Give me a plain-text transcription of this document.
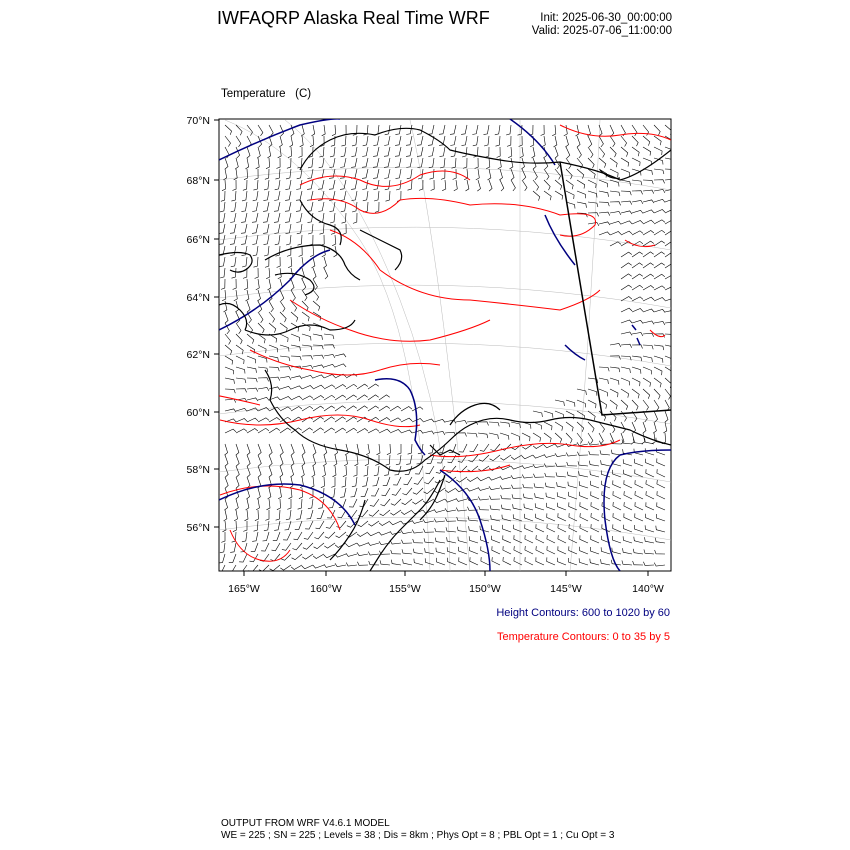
IWFAQRP Alaska Real Time WRF	Init: 2025-06-30_00:00:00
Valid: 2025-07-06_11:00:00

Temperature   (C)

70°N
68°N
66°N
64°N
62°N
60°N
58°N
56°N
165°W	160°W	155°W	150°W	145°W	140°W
Height Contours: 600 to 1020 by 60
Temperature Contours: 0 to 35 by 5
OUTPUT FROM WRF V4.6.1 MODEL
WE = 225 ; SN = 225 ; Levels = 38 ; Dis = 8km ; Phys Opt = 8 ; PBL Opt = 1 ; Cu Opt = 3
